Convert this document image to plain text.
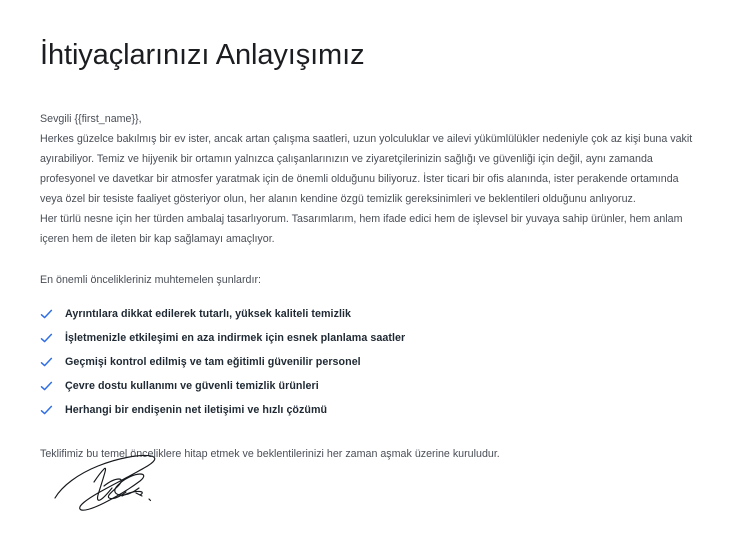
İhtiyaçlarınızı Anlayışımız

Sevgili {{first_name}},

Herkes güzelce bakılmış bir ev ister, ancak artan çalışma saatleri, uzun yolculuklar ve ailevi yükümlülükler nedeniyle çok az kişi buna vakit
ayırabiliyor. Temiz ve hijyenik bir ortamın yalnızca çalışanlarınızın ve ziyaretçilerinizin sağlığı ve güvenliği için değil, aynı zamanda
profesyonel ve davetkar bir atmosfer yaratmak için de önemli olduğunu biliyoruz. İster ticari bir ofis alanında, ister perakende ortamında
veya özel bir tesiste faaliyet gösteriyor olun, her alanın kendine özgü temizlik gereksinimleri ve beklentileri olduğunu anlıyoruz.
Her türlü nesne için her türden ambalaj tasarlıyorum. Tasarımlarım, hem ifade edici hem de işlevsel bir yuvaya sahip ürünler, hem anlam
içeren hem de ileten bir kap sağlamayı amaçlıyor.

En önemli öncelikleriniz muhtemelen şunlardır:

Ayrıntılara dikkat edilerek tutarlı, yüksek kaliteli temizlik
İşletmenizle etkileşimi en aza indirmek için esnek planlama saatler
Geçmişi kontrol edilmiş ve tam eğitimli güvenilir personel
Çevre dostu kullanımı ve güvenli temizlik ürünleri
Herhangi bir endişenin net iletişimi ve hızlı çözümü

Teklifimiz bu temel önceliklere hitap etmek ve beklentilerinizi her zaman aşmak üzerine kuruludur.
